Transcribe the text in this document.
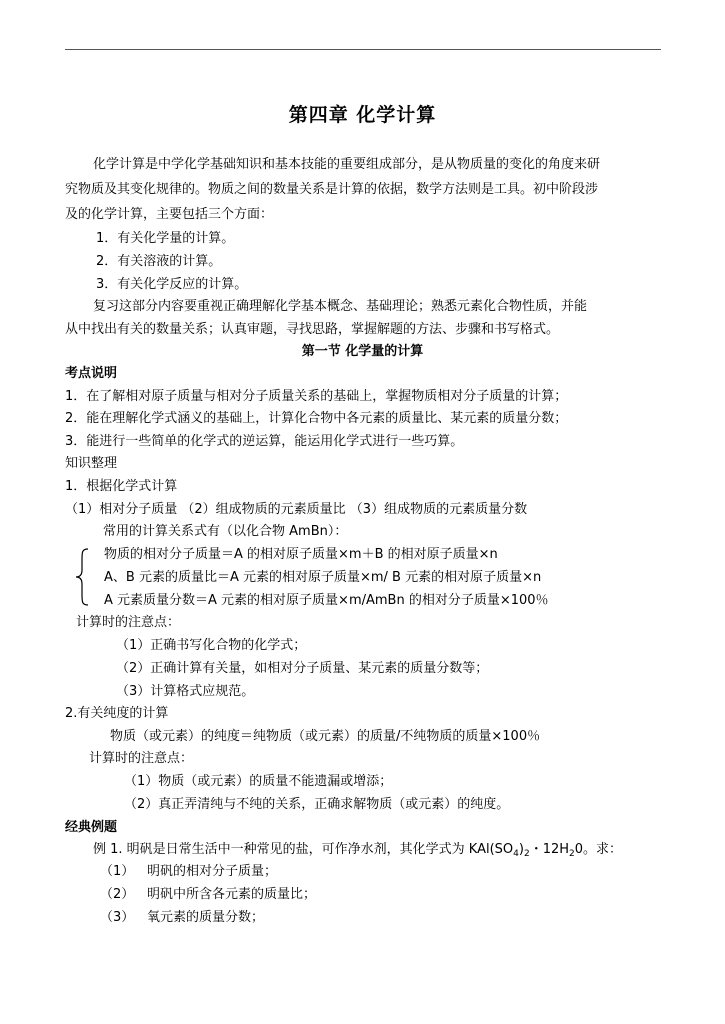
第四章 化学计算
化学计算是中学化学基础知识和基本技能的重要组成部分，是从物质量的变化的角度来研
究物质及其变化规律的。物质之间的数量关系是计算的依据，数学方法则是工具。初中阶段涉
及的化学计算，主要包括三个方面：
1．有关化学量的计算。
2．有关溶液的计算。
3．有关化学反应的计算。
复习这部分内容要重视正确理解化学基本概念、基础理论；熟悉元素化合物性质，并能
从中找出有关的数量关系；认真审题，寻找思路，掌握解题的方法、步骤和书写格式。
第一节 化学量的计算
考点说明
1．在了解相对原子质量与相对分子质量关系的基础上，掌握物质相对分子质量的计算；
2．能在理解化学式涵义的基础上，计算化合物中各元素的质量比、某元素的质量分数；
3．能进行一些简单的化学式的逆运算，能运用化学式进行一些巧算。
知识整理
1．根据化学式计算
（1）相对分子质量 （2）组成物质的元素质量比 （3）组成物质的元素质量分数
常用的计算关系式有（以化合物 AmBn）：
物质的相对分子质量＝A 的相对原子质量×m＋B 的相对原子质量×n
A、B 元素的质量比＝A 元素的相对原子质量×m/ B 元素的相对原子质量×n
A 元素质量分数＝A 元素的相对原子质量×m/AmBn 的相对分子质量×100％
计算时的注意点：
（1）正确书写化合物的化学式；
（2）正确计算有关量，如相对分子质量、某元素的质量分数等；
（3）计算格式应规范。
2.有关纯度的计算
物质（或元素）的纯度＝纯物质（或元素）的质量/不纯物质的质量×100％
计算时的注意点：
（1）物质（或元素）的质量不能遗漏或增添；
（2）真正弄清纯与不纯的关系，正确求解物质（或元素）的纯度。
经典例题
例 1. 明矾是日常生活中一种常见的盐，可作净水剂，其化学式为 $KAl(SO_4)_2$・$12H_20$。求：
（1） 明矾的相对分子质量；
（2） 明矾中所含各元素的质量比；
（3） 氧元素的质量分数；
